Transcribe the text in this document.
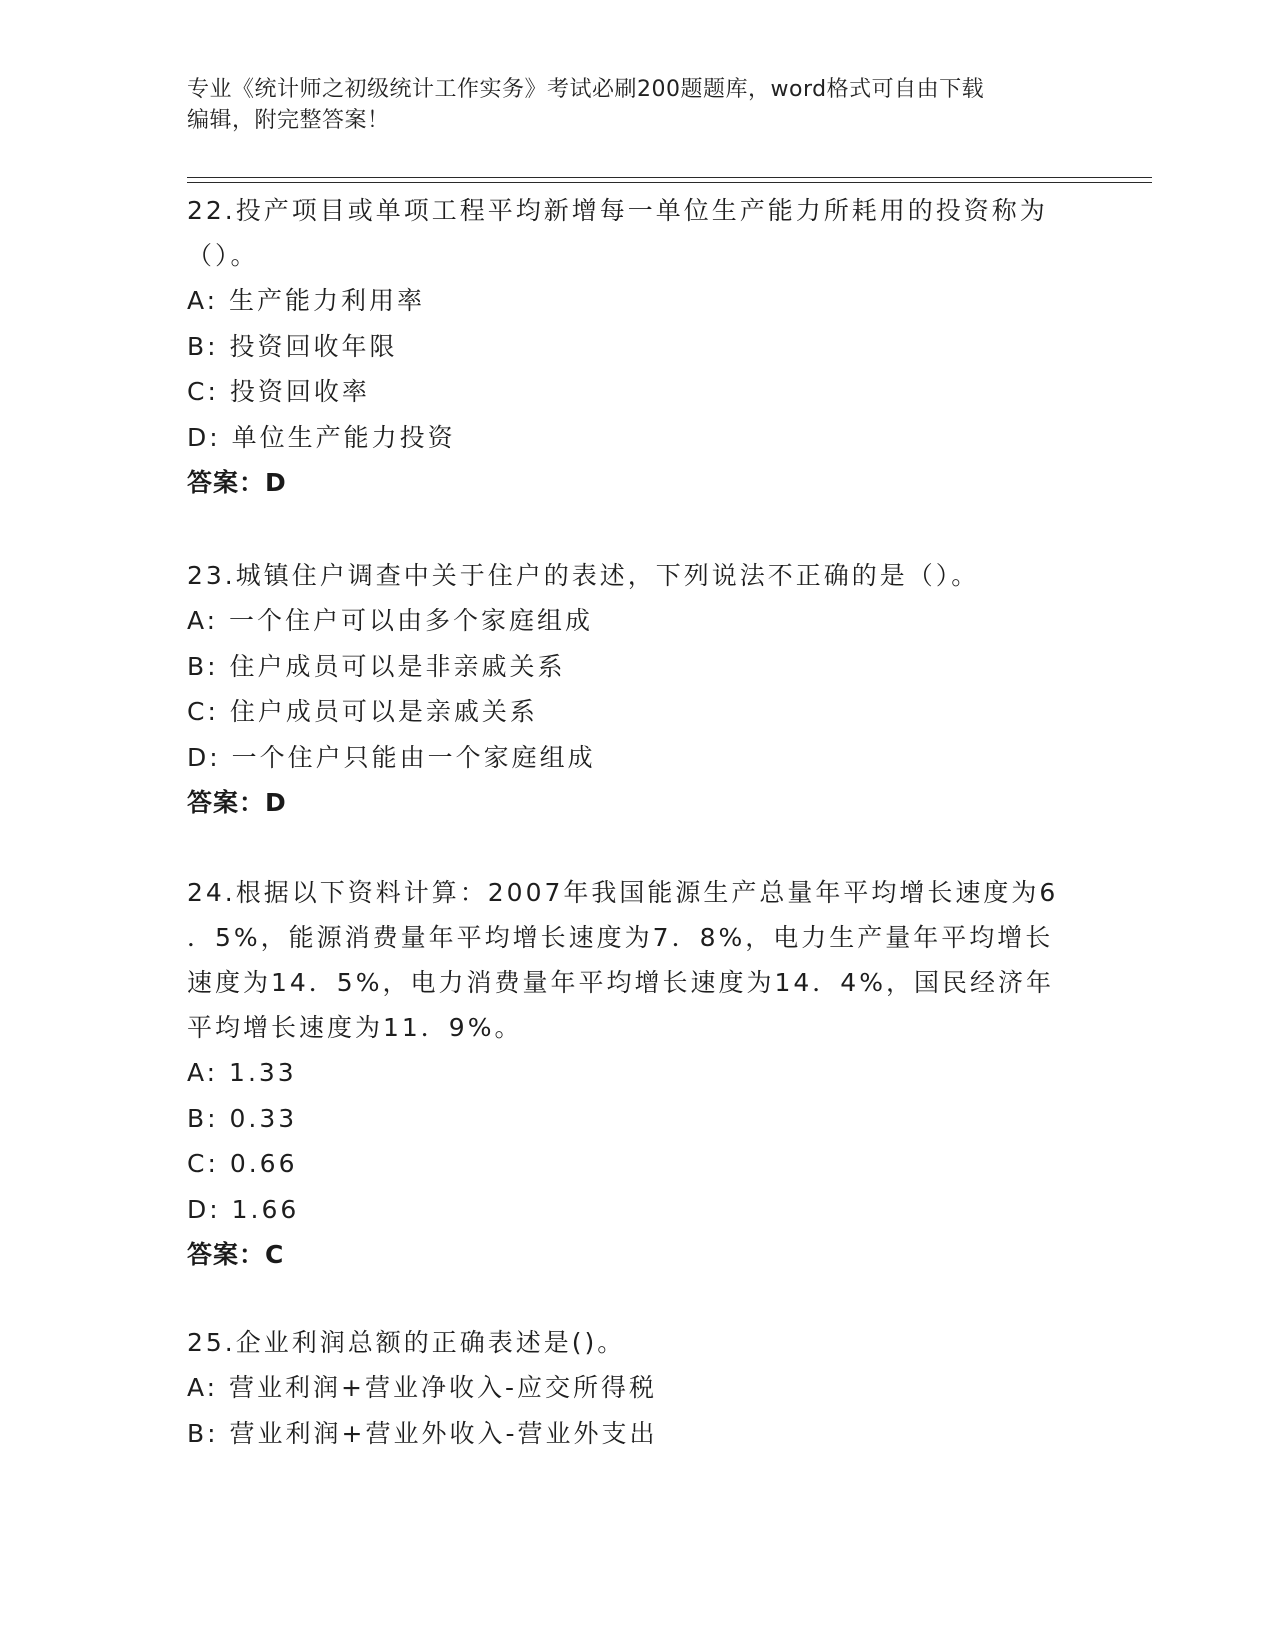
专业《统计师之初级统计工作实务》考试必刷200题题库，word格式可自由下载
编辑，附完整答案！

22.投产项目或单项工程平均新增每一单位生产能力所耗用的投资称为

（）。

A: 生产能力利用率

B: 投资回收年限

C: 投资回收率

D: 单位生产能力投资

答案：D

23.城镇住户调查中关于住户的表述，下列说法不正确的是（）。

A: 一个住户可以由多个家庭组成

B: 住户成员可以是非亲戚关系

C: 住户成员可以是亲戚关系

D: 一个住户只能由一个家庭组成

答案：D

24.根据以下资料计算：2007年我国能源生产总量年平均增长速度为6

．5%，能源消费量年平均增长速度为7．8%，电力生产量年平均增长

速度为14．5%，电力消费量年平均增长速度为14．4%，国民经济年

平均增长速度为11．9%。

A: 1.33

B: 0.33

C: 0.66

D: 1.66

答案：C

25.企业利润总额的正确表述是()。

A: 营业利润+营业净收入-应交所得税

B: 营业利润+营业外收入-营业外支出
